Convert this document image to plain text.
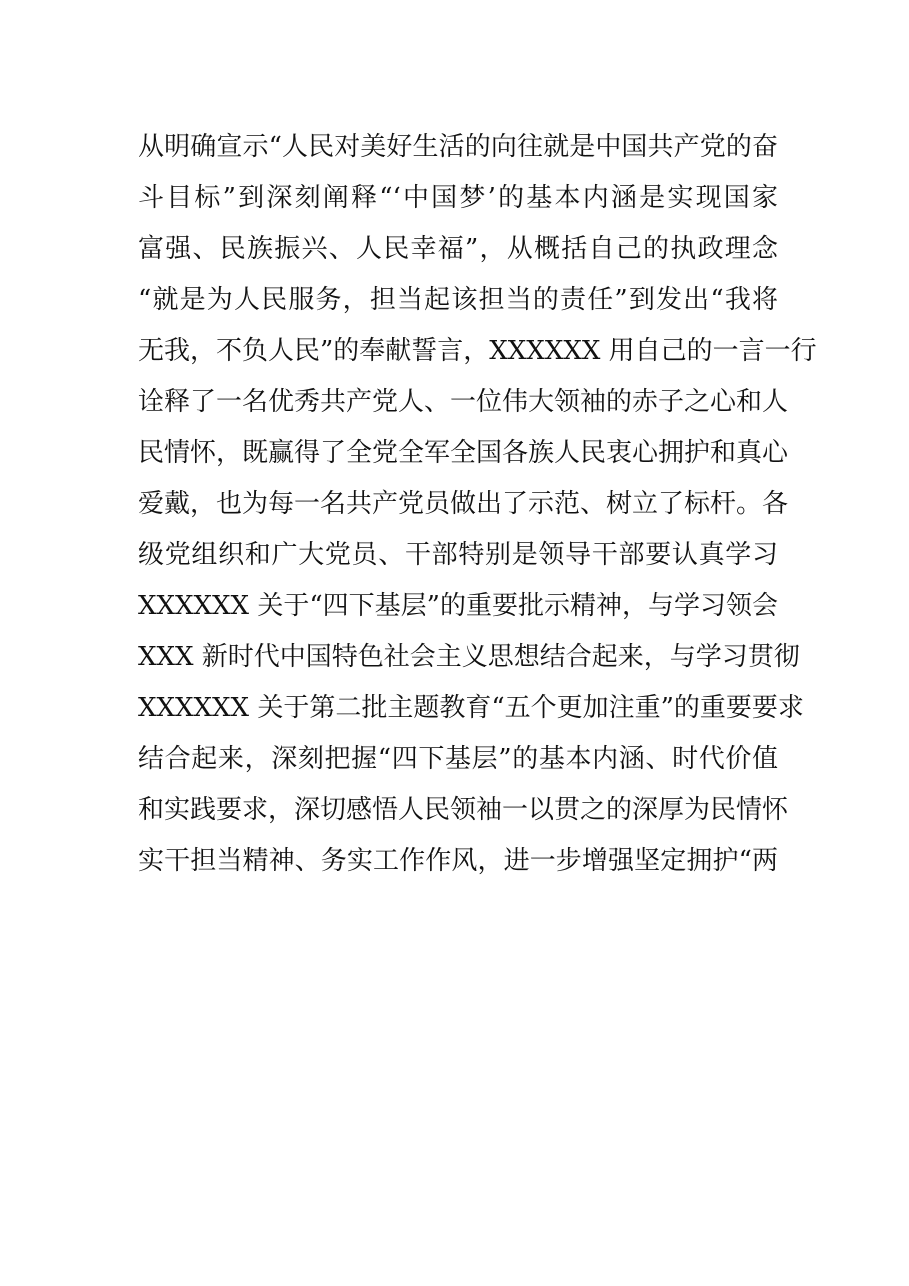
从明确宣示“人民对美好生活的向往就是中国共产党的奋
斗目标”到深刻阐释“‘中国梦’的基本内涵是实现国家
富强、民族振兴、人民幸福”，从概括自己的执政理念
“就是为人民服务，担当起该担当的责任”到发出“我将
无我，不负人民”的奉献誓言，XXXXXX 用自己的一言一行
诠释了一名优秀共产党人、一位伟大领袖的赤子之心和人
民情怀，既赢得了全党全军全国各族人民衷心拥护和真心
爱戴，也为每一名共产党员做出了示范、树立了标杆。各
级党组织和广大党员、干部特别是领导干部要认真学习
XXXXXX 关于“四下基层”的重要批示精神，与学习领会
XXX 新时代中国特色社会主义思想结合起来，与学习贯彻
XXXXXX 关于第二批主题教育“五个更加注重”的重要要求
结合起来，深刻把握“四下基层”的基本内涵、时代价值
和实践要求，深切感悟人民领袖一以贯之的深厚为民情怀
实干担当精神、务实工作作风，进一步增强坚定拥护“两
